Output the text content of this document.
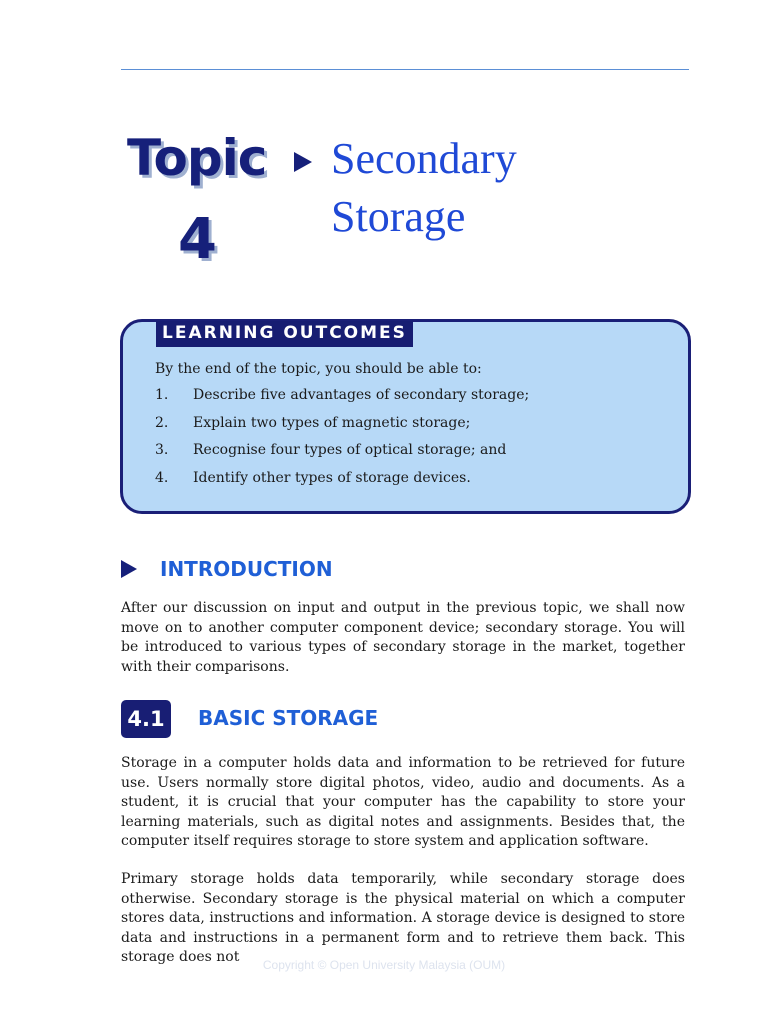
Topic
4
Secondary
Storage
LEARNING OUTCOMES
By the end of the topic, you should be able to:
1.	Describe five advantages of secondary storage;
2.	Explain two types of magnetic storage;
3.	Recognise four types of optical storage; and
4.	Identify other types of storage devices.
INTRODUCTION

After our discussion on input and output in the previous topic, we shall now move on to another computer component device; secondary storage. You will be introduced to various types of secondary storage in the market, together with their comparisons.

4.1	BASIC STORAGE

Storage in a computer holds data and information to be retrieved for future use. Users normally store digital photos, video, audio and documents. As a student, it is crucial that your computer has the capability to store your learning materials, such as digital notes and assignments. Besides that, the computer itself requires storage to store system and application software.

Primary storage holds data temporarily, while secondary storage does otherwise. Secondary storage is the physical material on which a computer stores data, instructions and information. A storage device is designed to store data and instructions in a permanent form and to retrieve them back. This storage does not	Copyright © Open University Malaysia (OUM)
